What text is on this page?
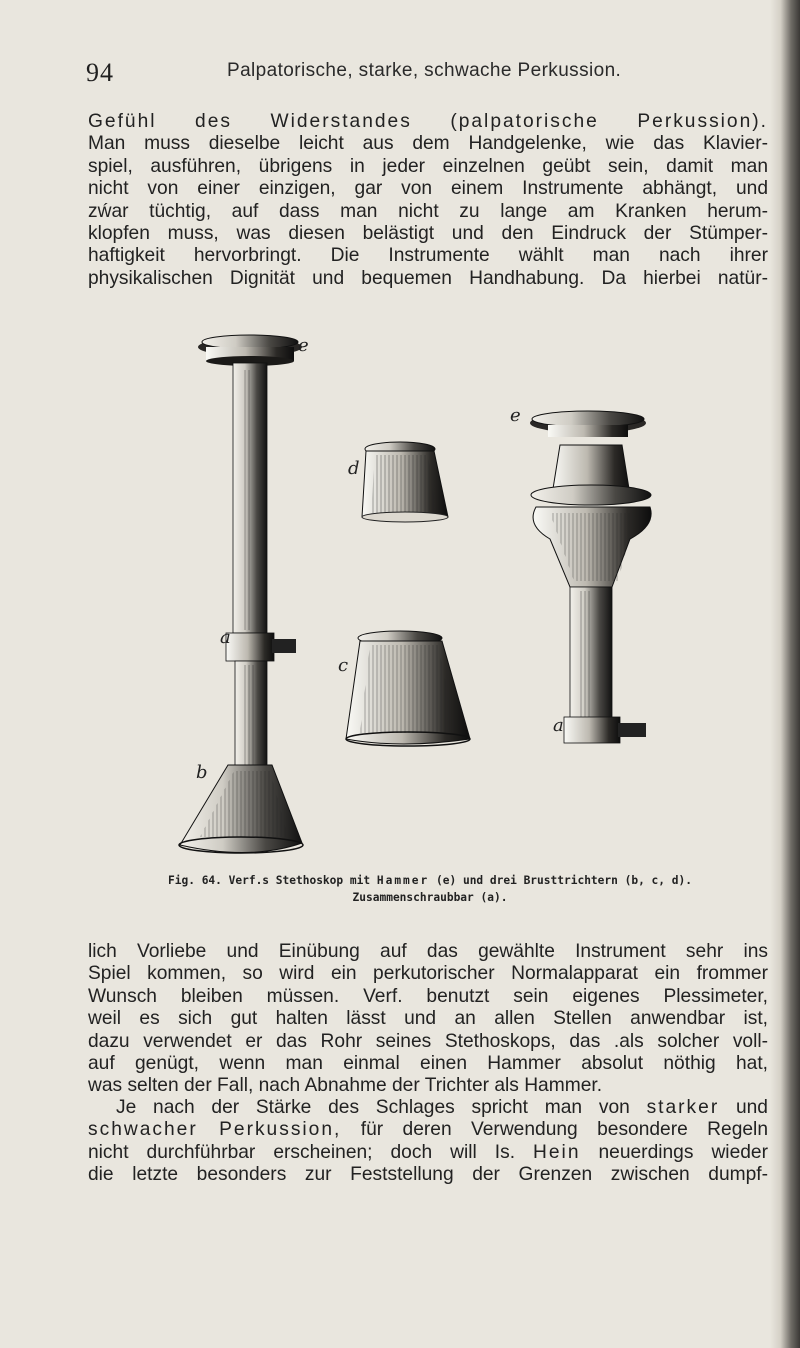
94	Palpatorische, starke, schwache Perkussion.
Gefühl des Widerstandes (palpatorische Perkussion).
Man muss dieselbe leicht aus dem Handgelenke, wie das Klavier-
spiel, ausführen, übrigens in jeder einzelnen geübt sein, damit man
nicht von einer einzigen, gar von einem Instrumente abhängt, und
zẃar tüchtig, auf dass man nicht zu lange am Kranken herum-
klopfen muss, was diesen belästigt und den Eindruck der Stümper-
haftigkeit hervorbringt. Die Instrumente wählt man nach ihrer
physikalischen Dignität und bequemen Handhabung. Da hierbei natür-
e
e
d
c
a
a
b
Fig. 64. Verf.s Stethoskop mit Hammer (e) und drei Brusttrichtern (b, c, d).
Zusammenschraubbar (a).
lich Vorliebe und Einübung auf das gewählte Instrument sehr ins
Spiel kommen, so wird ein perkutorischer Normalapparat ein frommer
Wunsch bleiben müssen. Verf. benutzt sein eigenes Plessimeter,
weil es sich gut halten lässt und an allen Stellen anwendbar ist,
dazu verwendet er das Rohr seines Stethoskops, das .als solcher voll-
auf genügt, wenn man einmal einen Hammer absolut nöthig hat,
was selten der Fall, nach Abnahme der Trichter als Hammer.
Je nach der Stärke des Schlages spricht man von starker und
schwacher Perkussion, für deren Verwendung besondere Regeln
nicht durchführbar erscheinen; doch will Is. Hein neuerdings wieder
die letzte besonders zur Feststellung der Grenzen zwischen dumpf-
